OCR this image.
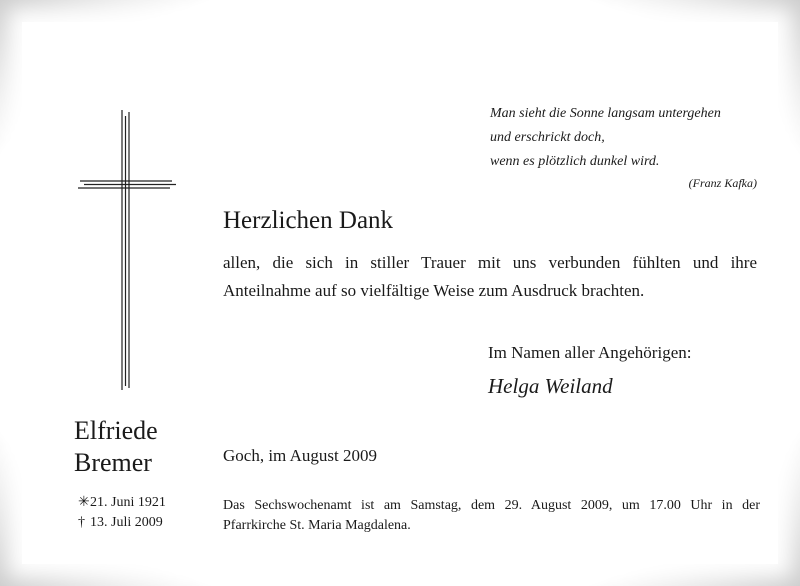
Man sieht die Sonne langsam untergehen
und erschrickt doch,
wenn es plötzlich dunkel wird.
(Franz Kafka)
Herzlichen Dank
allen, die sich in stiller Trauer mit uns verbunden fühlten und ihre
Anteilnahme auf so vielfältige Weise zum Ausdruck brachten.
Im Namen aller Angehörigen:
Helga Weiland
Elfriede
Bremer
✳21. Juni 1921
† 13. Juli 2009
Goch, im August 2009
Das Sechswochenamt ist am Samstag, dem 29. August 2009, um 17.00 Uhr in der
Pfarrkirche St. Maria Magdalena.
